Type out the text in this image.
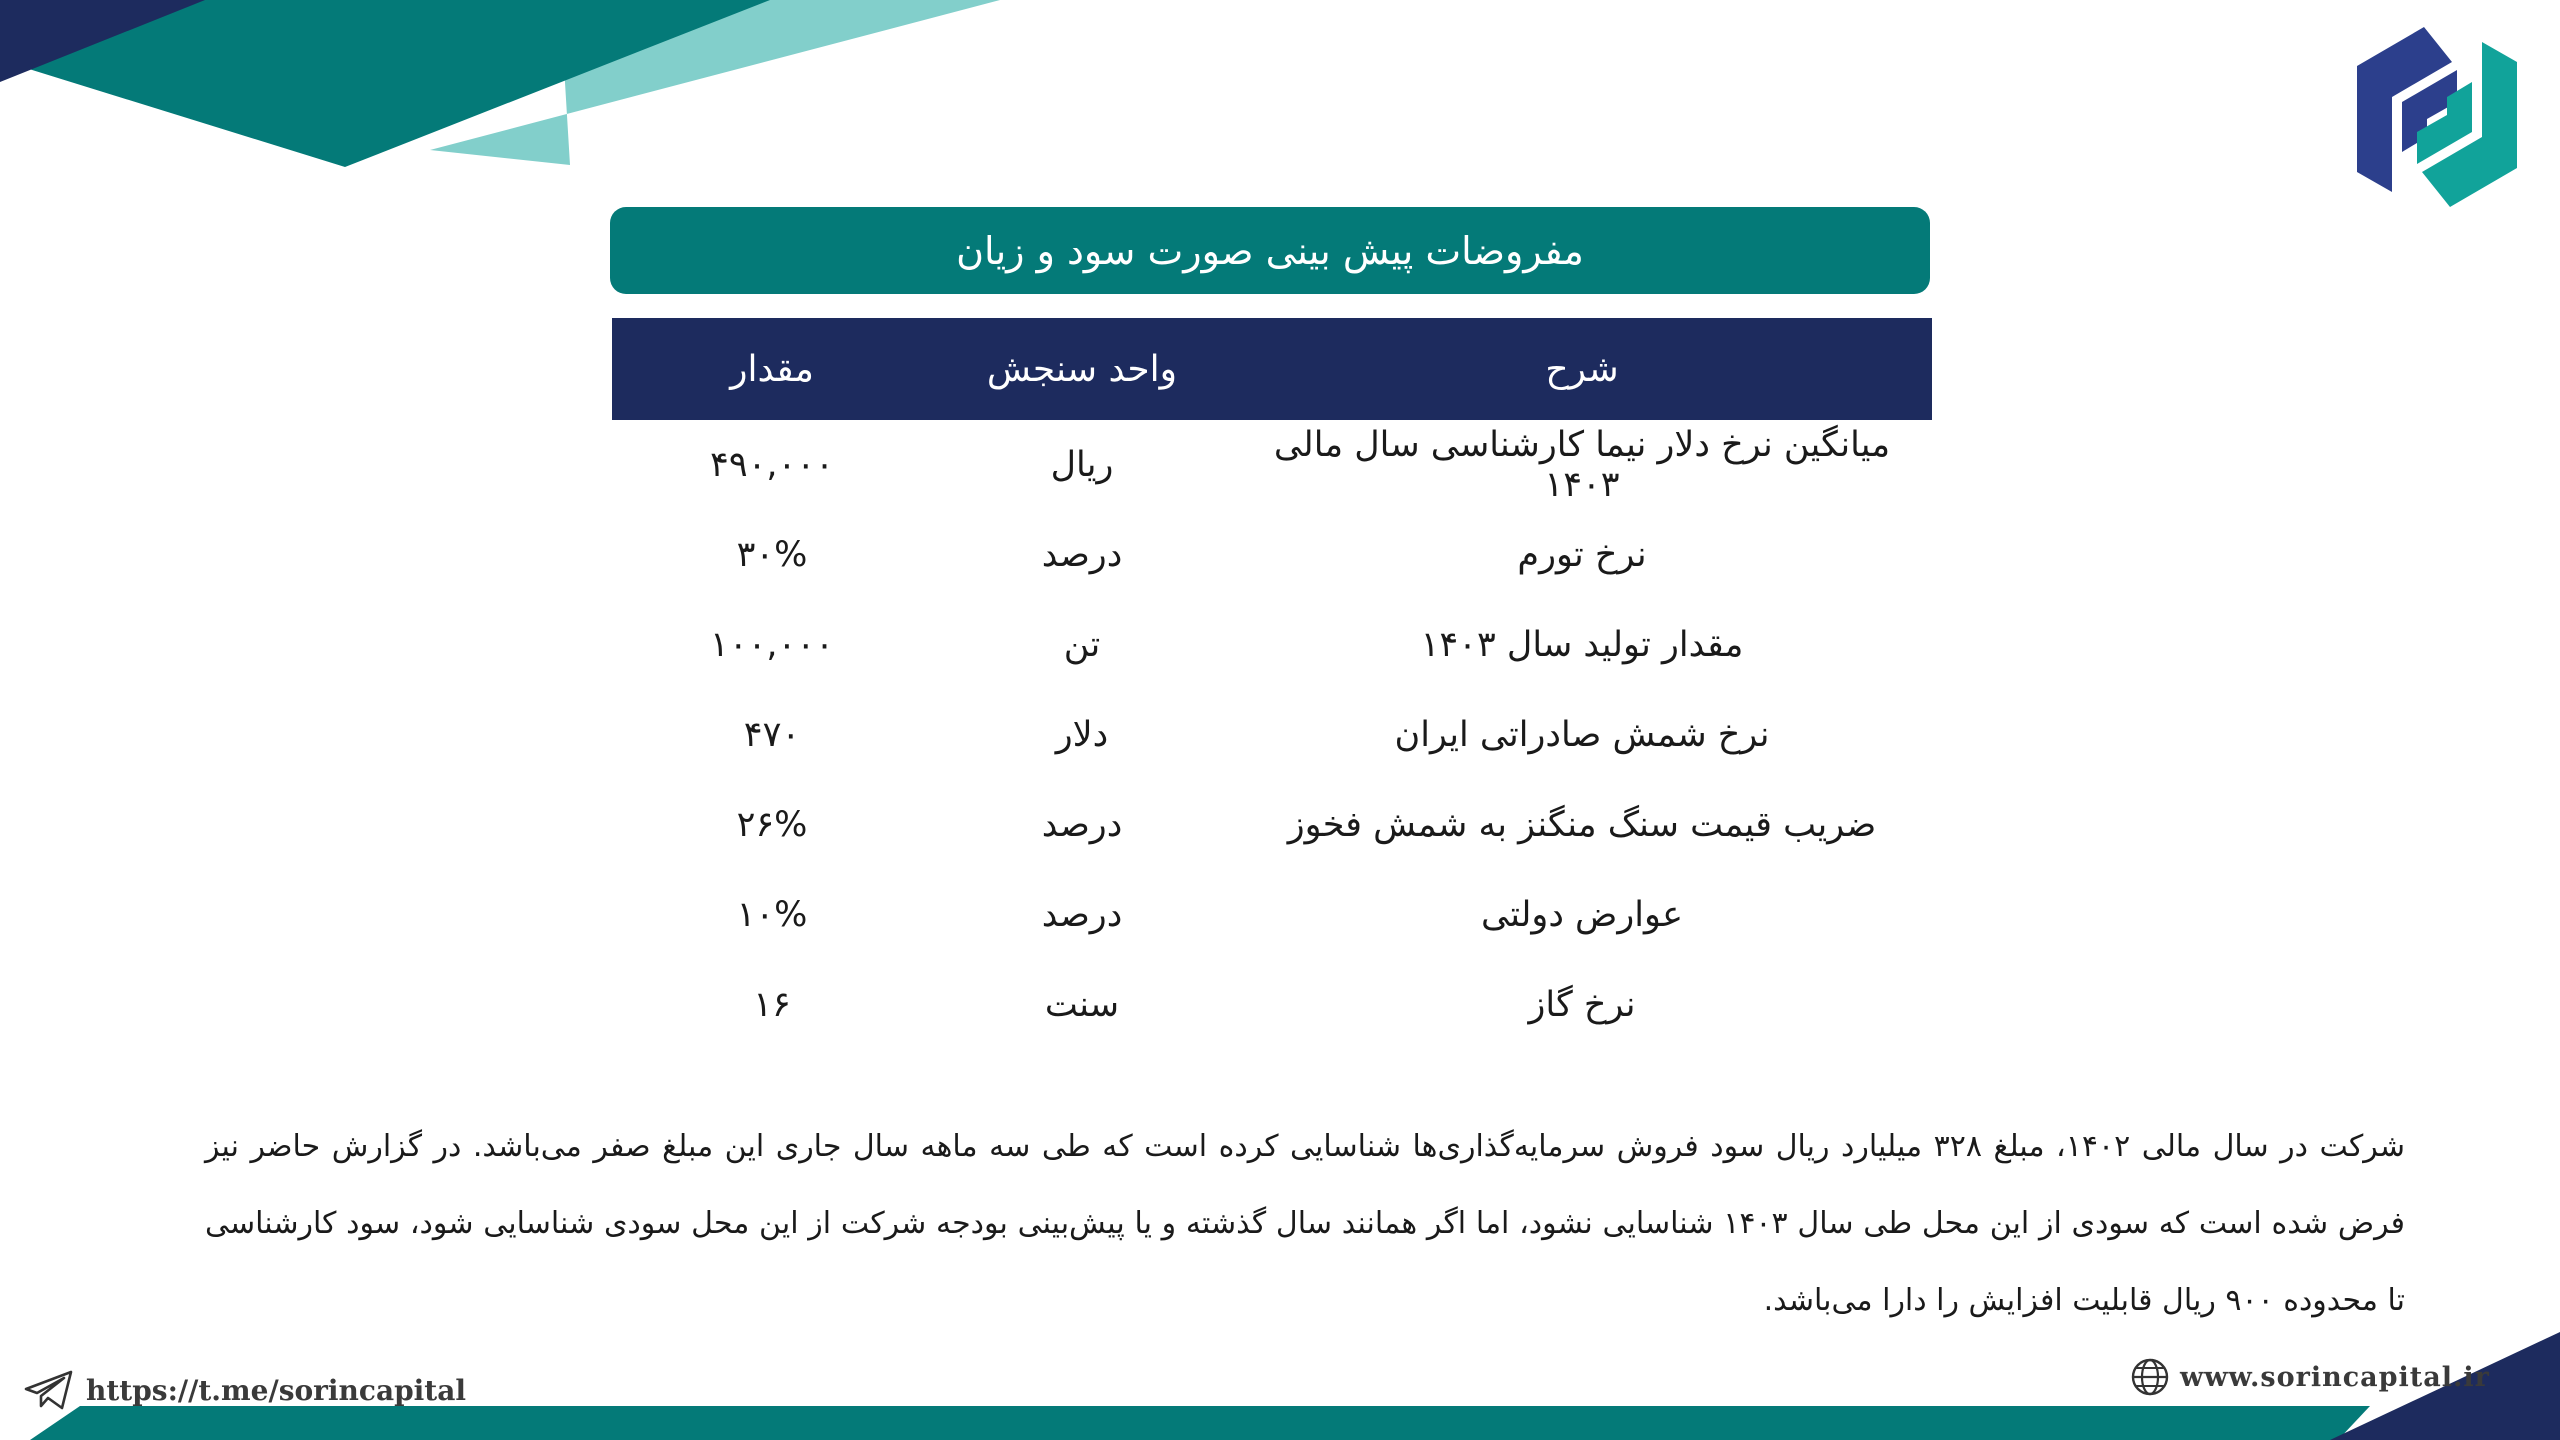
مفروضات پیش بینی صورت سود و زیان
شرح	واحد سنجش	مقدار
میانگین نرخ دلار نیما کارشناسی سال مالی ۱۴۰۳	ریال	۴۹۰,۰۰۰
نرخ تورم	درصد	۳۰%
مقدار تولید سال ۱۴۰۳	تن	۱۰۰,۰۰۰
نرخ شمش صادراتی ایران	دلار	۴۷۰
ضریب قیمت سنگ منگنز به شمش فخوز	درصد	۲۶%
عوارض دولتی	درصد	۱۰%
نرخ گاز	سنت	۱۶

شرکت در سال مالی ۱۴۰۲، مبلغ ۳۲۸ میلیارد ریال سود فروش سرمایه‌گذاری‌ها شناسایی کرده است که طی سه ماهه سال جاری این مبلغ صفر می‌باشد. در گزارش حاضر نیز فرض شده است که سودی از این محل طی سال ۱۴۰۳ شناسایی نشود، اما اگر همانند سال گذشته و یا پیش‌بینی بودجه شرکت از این محل سودی شناسایی شود، سود کارشناسی تا محدوده ۹۰۰ ریال قابلیت افزایش را دارا می‌باشد.

https://t.me/sorincapital	www.sorincapital.ir
